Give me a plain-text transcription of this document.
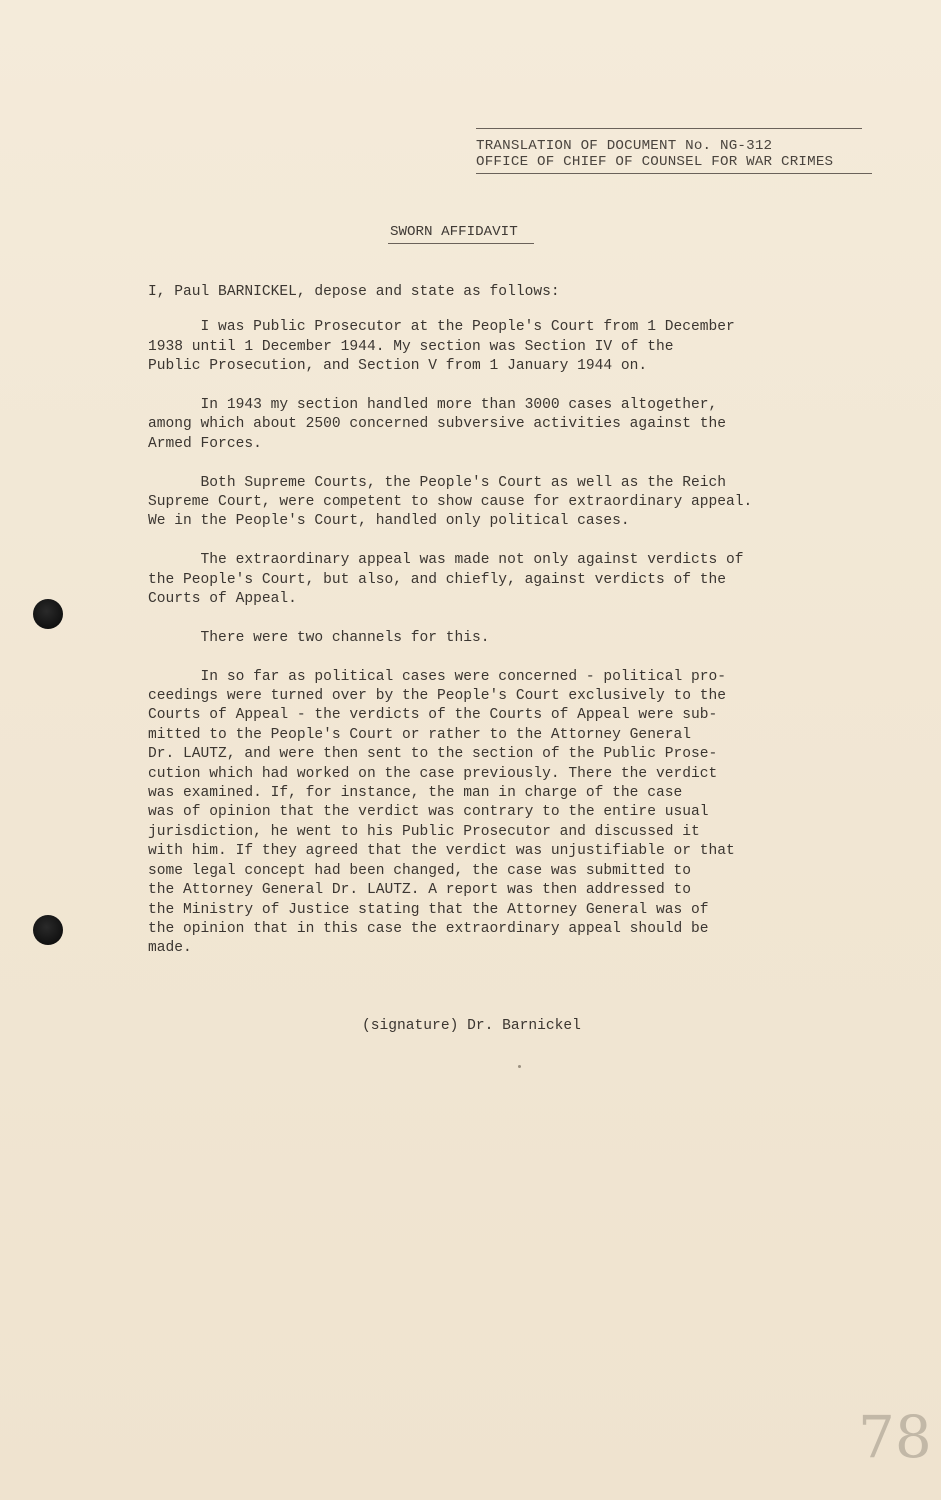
TRANSLATION OF DOCUMENT No. NG-312
OFFICE OF CHIEF OF COUNSEL FOR WAR CRIMES
SWORN AFFIDAVIT

I, Paul BARNICKEL, depose and state as follows:

I was Public Prosecutor at the People's Court from 1 December
1938 until 1 December 1944. My section was Section IV of the
Public Prosecution, and Section V from 1 January 1944 on.

In 1943 my section handled more than 3000 cases altogether,
among which about 2500 concerned subversive activities against the
Armed Forces.

Both Supreme Courts, the People's Court as well as the Reich
Supreme Court, were competent to show cause for extraordinary appeal.
We in the People's Court, handled only political cases.

The extraordinary appeal was made not only against verdicts of
the People's Court, but also, and chiefly, against verdicts of the
Courts of Appeal.

There were two channels for this.

In so far as political cases were concerned - political pro-
ceedings were turned over by the People's Court exclusively to the
Courts of Appeal - the verdicts of the Courts of Appeal were sub-
mitted to the People's Court or rather to the Attorney General
Dr. LAUTZ, and were then sent to the section of the Public Prose-
cution which had worked on the case previously. There the verdict
was examined. If, for instance, the man in charge of the case
was of opinion that the verdict was contrary to the entire usual
jurisdiction, he went to his Public Prosecutor and discussed it
with him. If they agreed that the verdict was unjustifiable or that
some legal concept had been changed, the case was submitted to
the Attorney General Dr. LAUTZ. A report was then addressed to
the Ministry of Justice stating that the Attorney General was of
the opinion that in this case the extraordinary appeal should be
made.

(signature) Dr. Barnickel
78
